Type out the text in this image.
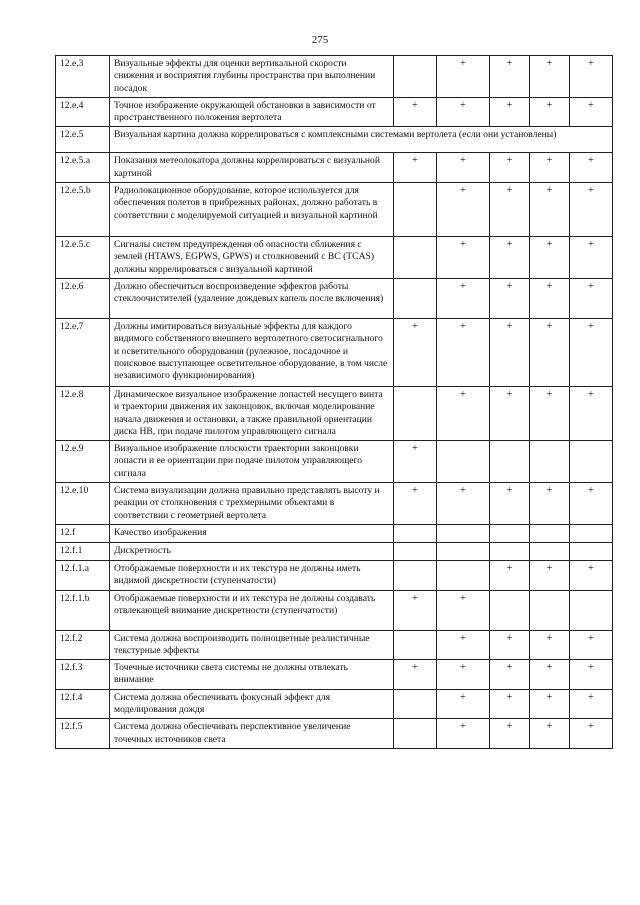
275
12.e.3	Визуальные эффекты для оценки вертикальной скорости снижения и восприятия глубины пространства при выполнении посадок		+	+	+	+
12.e.4	Точное изображение окружающей обстановки в зависимости от пространственного положения вертолета	+	+	+	+	+
12.e.5	Визуальная картина должна коррелироваться с комплексными системами вертолета (если они установлены)					
12.e.5.a	Показания метеолокатора должны коррелироваться с визуальной картиной	+	+	+	+	+
12.e.5.b	Радиолокационное оборудование, которое используется для обеспечения полетов в прибрежных районах, должно работать в соответствии с моделируемой ситуацией и визуальной картиной		+	+	+	+
12.e.5.c	Сигналы систем предупреждения об опасности сближения с землей (HTAWS, EGPWS, GPWS) и столкновений с ВС (TCAS) должны коррелироваться с визуальной картиной		+	+	+	+
12.e.6	Должно обеспечиться воспроизведение эффектов работы стеклоочистителей (удаление дождевых капель после включения)		+	+	+	+
12.e.7	Должны имитироваться визуальные эффекты для каждого видимого собственного внешнего вертолетного светосигнального и осветительного оборудования (рулежное, посадочное и поисковое выступающее осветительное оборудование, в том числе независимого функционирования)	+	+	+	+	+
12.e.8	Динамическое визуальное изображение лопастей несущего винта и траектории движения их законцовок, включая моделирование начала движения и остановки, а также правильной ориентации диска НВ, при подаче пилотом управляющего сигнала		+	+	+	+
12.e.9	Визуальное изображение плоскости траектории законцовки лопасти и ее ориентации при подаче пилотом управляющего сигнала	+				
12.e.10	Система визуализации должна правильно представлять высоту и реакции от столкновения с трехмерными объектами в соответствии с геометрией вертолета	+	+	+	+	+
12.f	Качество изображения					
12.f.1	Дискретность					
12.f.1.a	Отображаемые поверхности и их текстура не должны иметь видимой дискретности (ступенчатости)			+	+	+
12.f.1.b	Отображаемые поверхности и их текстура не должны создавать отвлекающей внимание дискретности (ступенчатости)	+	+			
12.f.2	Система должна воспроизводить полноцветные реалистичные текстурные эффекты		+	+	+	+
12.f.3	Точечные источники света системы не должны отвлекать внимание	+	+	+	+	+
12.f.4	Система должна обеспечивать фокусный эффект для моделирования дождя		+	+	+	+
12.f.5	Система должна обеспечивать перспективное увеличение точечных источников света		+	+	+	+
